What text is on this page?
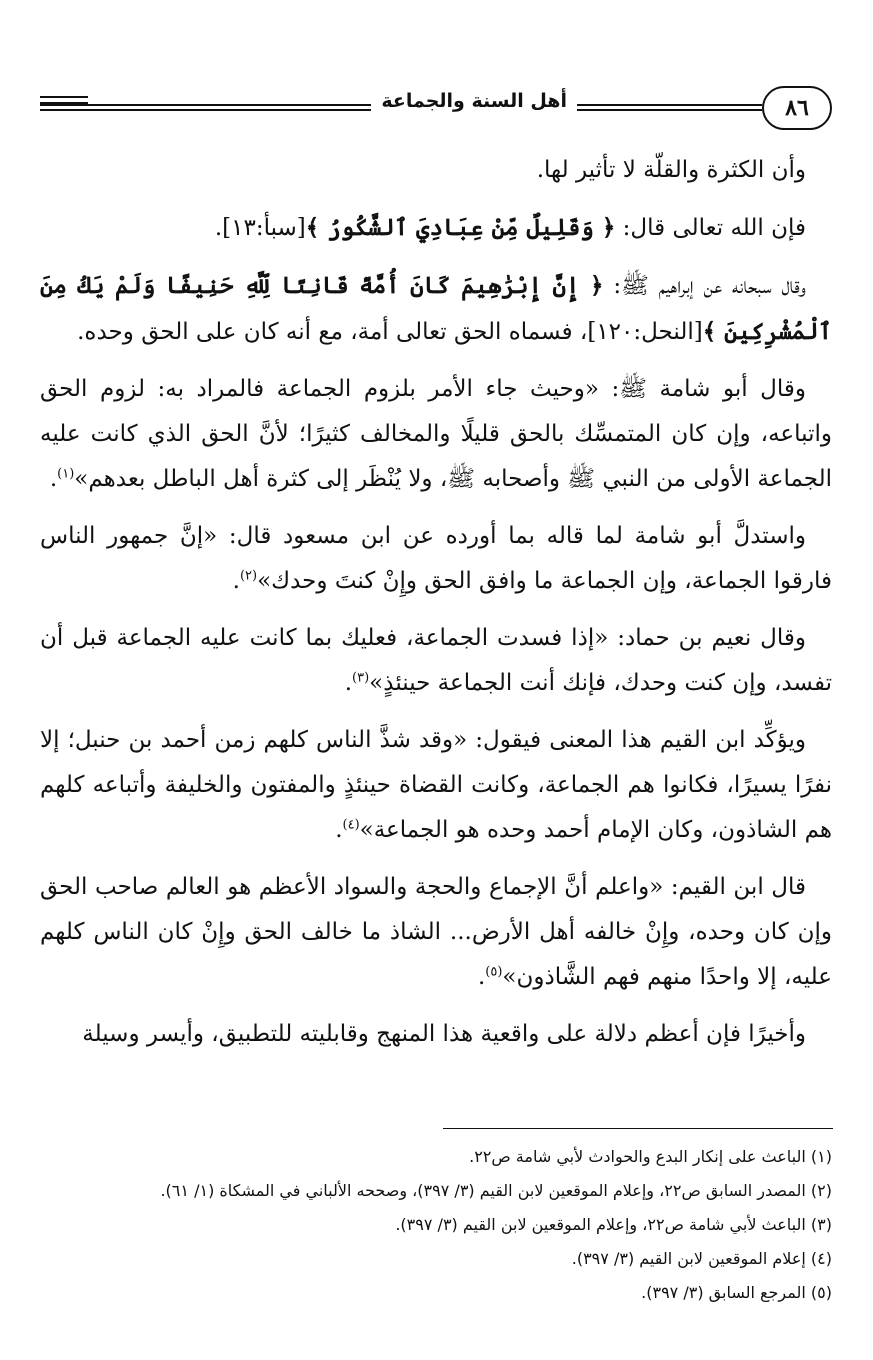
أهل السنة والجماعة	٨٦

وأن الكثرة والقلّة لا تأثير لها.

فإن الله تعالى قال: ﴿ وَقَلِيلٌ مِّنْ عِبَادِيَ ٱلشَّكُورُ ﴾[سبأ:١٣].

وقال سبحانه عن إبراهيم ﷺ: ﴿ إِنَّ إِبْرَٰهِيمَ كَانَ أُمَّةً قَانِتًا لِّلَّهِ حَنِيفًا وَلَمْ يَكُ مِنَ ٱلْمُشْرِكِينَ ﴾[النحل:١٢٠]، فسماه الحق تعالى أمة، مع أنه كان على الحق وحده.

وقال أبو شامة ﷺ: «وحيث جاء الأمر بلزوم الجماعة فالمراد به: لزوم الحق واتباعه، وإن كان المتمسِّك بالحق قليلًا والمخالف كثيرًا؛ لأنَّ الحق الذي كانت عليه الجماعة الأولى من النبي ﷺ وأصحابه ﷺ، ولا يُنْظَر إلى كثرة أهل الباطل بعدهم»$^{(١)}$.

واستدلَّ أبو شامة لما قاله بما أورده عن ابن مسعود قال: «إنَّ جمهور الناس فارقوا الجماعة، وإن الجماعة ما وافق الحق وإِنْ كنتَ وحدك»$^{(٢)}$.

وقال نعيم بن حماد: «إذا فسدت الجماعة، فعليك بما كانت عليه الجماعة قبل أن تفسد، وإن كنت وحدك، فإنك أنت الجماعة حينئذٍ»$^{(٣)}$.

ويؤكِّد ابن القيم هذا المعنى فيقول: «وقد شذَّ الناس كلهم زمن أحمد بن حنبل؛ إلا نفرًا يسيرًا، فكانوا هم الجماعة، وكانت القضاة حينئذٍ والمفتون والخليفة وأتباعه كلهم هم الشاذون، وكان الإمام أحمد وحده هو الجماعة»$^{(٤)}$.

قال ابن القيم: «واعلم أنَّ الإجماع والحجة والسواد الأعظم هو العالم صاحب الحق وإن كان وحده، وإِنْ خالفه أهل الأرض... الشاذ ما خالف الحق وإِنْ كان الناس كلهم عليه، إلا واحدًا منهم فهم الشَّاذون»$^{(٥)}$.

وأخيرًا فإن أعظم دلالة على واقعية هذا المنهج وقابليته للتطبيق، وأيسر وسيلة

(١) الباعث على إنكار البدع والحوادث لأبي شامة ص٢٢.

(٢) المصدر السابق ص٢٢، وإعلام الموقعين لابن القيم (٣/ ٣٩٧)، وصححه الألباني في المشكاة (١/ ٦١).

(٣) الباعث لأبي شامة ص٢٢، وإعلام الموقعين لابن القيم (٣/ ٣٩٧).

(٤) إعلام الموقعين لابن القيم (٣/ ٣٩٧).

(٥) المرجع السابق (٣/ ٣٩٧).
